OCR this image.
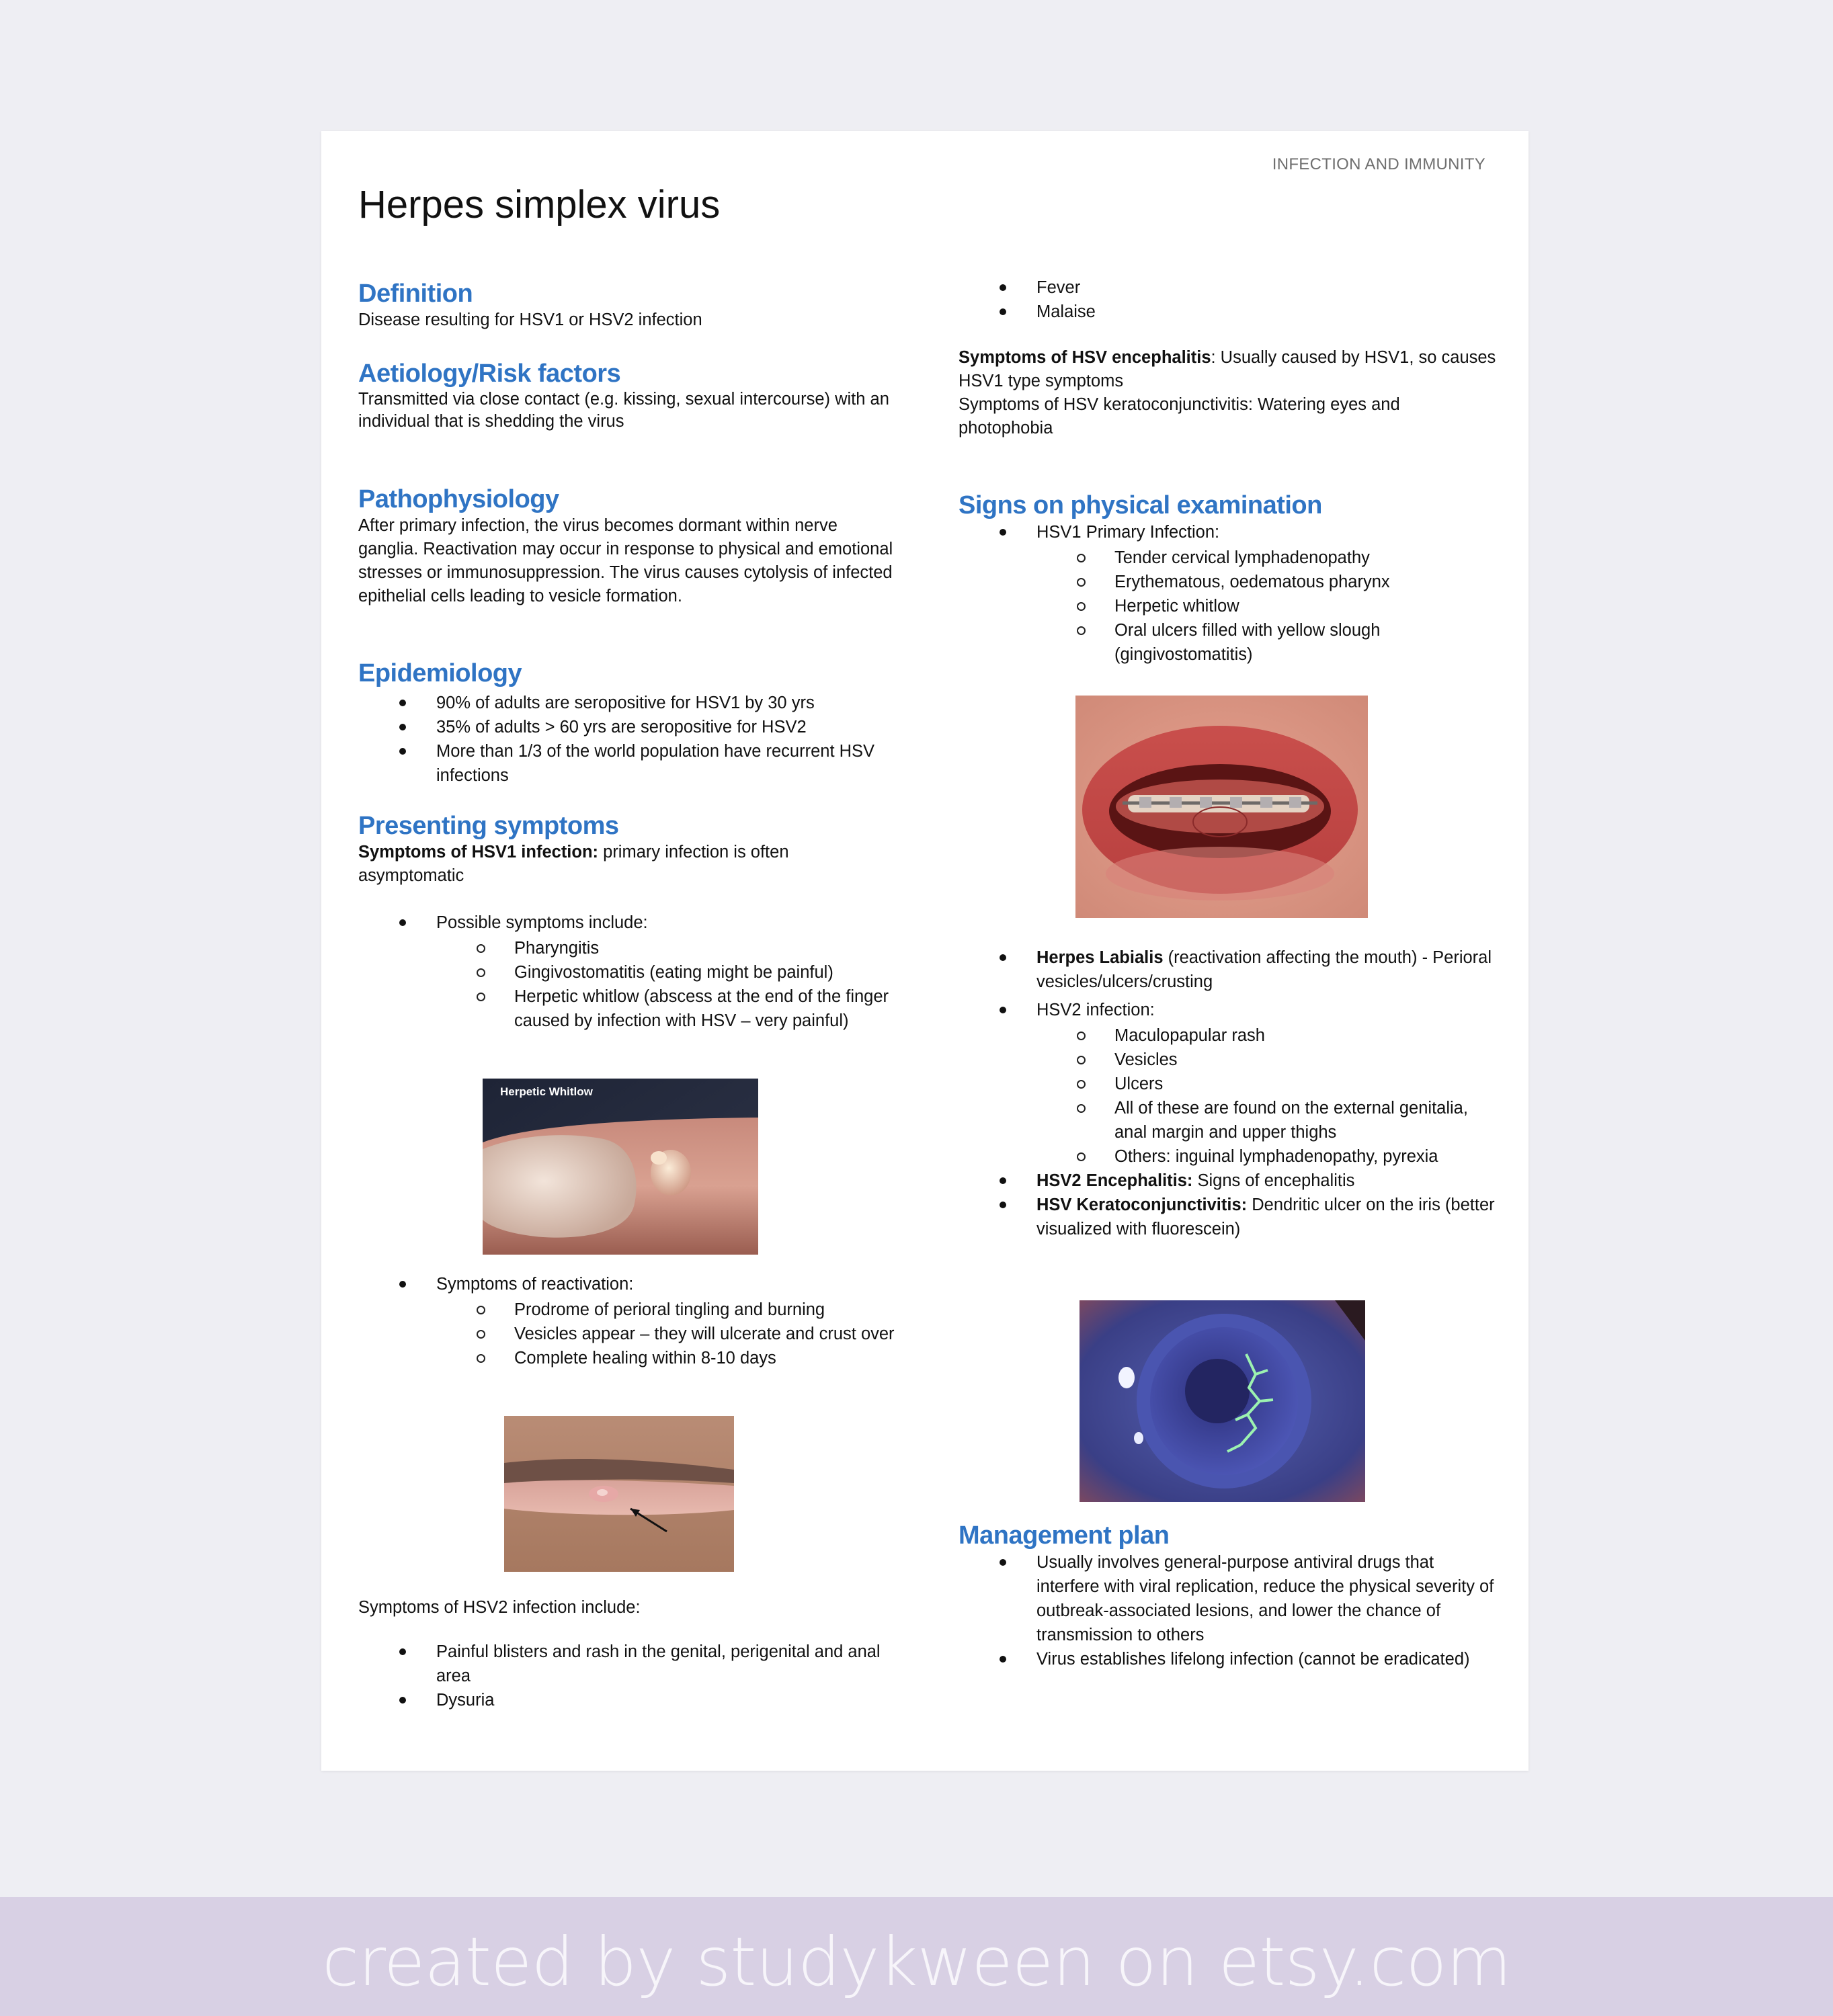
INFECTION AND IMMUNITY
Herpes simplex virus
Definition

Disease resulting for HSV1 or HSV2 infection

Aetiology/Risk factors

Transmitted via close contact (e.g. kissing, sexual intercourse) with an individual that is shedding the virus

Pathophysiology

After primary infection, the virus becomes dormant within nerve ganglia. Reactivation may occur in response to physical and emotional stresses or immunosuppression. The virus causes cytolysis of infected epithelial cells leading to vesicle formation.

Epidemiology
90% of adults are seropositive for HSV1 by 30 yrs
35% of adults > 60 yrs are seropositive for HSV2
More than 1/3 of the world population have recurrent HSV infections
Presenting symptoms

Symptoms of HSV1 infection: primary infection is often asymptomatic

Possible symptoms include:
Pharyngitis
Gingivostomatitis (eating might be painful)
Herpetic whitlow (abscess at the end of the finger caused by infection with HSV – very painful)
Symptoms of reactivation:
Prodrome of perioral tingling and burning
Vesicles appear – they will ulcerate and crust over
Complete healing within 8-10 days

Symptoms of HSV2 infection include:

Painful blisters and rash in the genital, perigenital and anal area
Dysuria
Herpetic Whitlow
Fever
Malaise

Symptoms of HSV encephalitis: Usually caused by HSV1, so causes HSV1 type symptoms

Symptoms of HSV keratoconjunctivitis: Watering eyes and photophobia

Signs on physical examination
HSV1 Primary Infection:
Tender cervical lymphadenopathy
Erythematous, oedematous pharynx
Herpetic whitlow
Oral ulcers filled with yellow slough (gingivostomatitis)
Herpes Labialis (reactivation affecting the mouth) - Perioral vesicles/ulcers/crusting
HSV2 infection:
Maculopapular rash
Vesicles
Ulcers
All of these are found on the external genitalia, anal margin and upper thighs
Others: inguinal lymphadenopathy, pyrexia
HSV2 Encephalitis: Signs of encephalitis
HSV Keratoconjunctivitis: Dendritic ulcer on the iris (better visualized with fluorescein)
Management plan
Usually involves general-purpose antiviral drugs that interfere with viral replication, reduce the physical severity of outbreak-associated lesions, and lower the chance of transmission to others
Virus establishes lifelong infection (cannot be eradicated)
created by studykween on etsy.com
